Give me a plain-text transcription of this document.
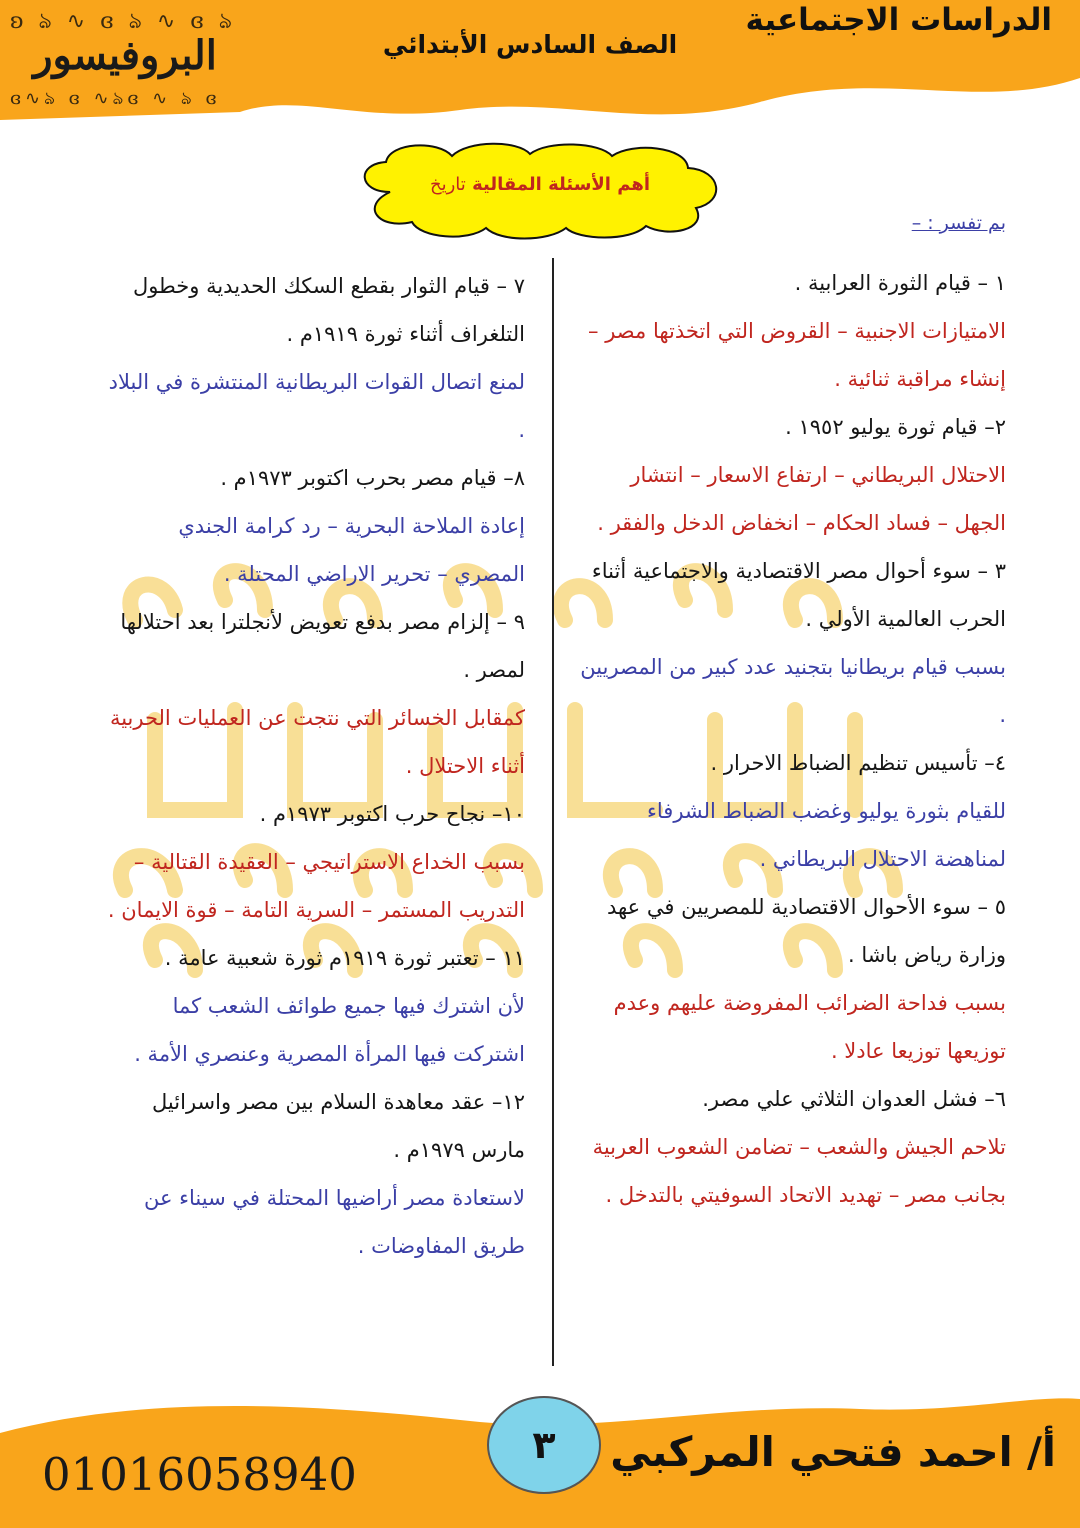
ʚ ঌ ∿ ɞ ঌ ∿ ɞ ঌ
البروفيسور
ɞ∿ঌ ɞ ∿ঌɞ ∿ ঌ ɞ
الدراسات الاجتماعية
الصف السادس الأبتدائي
أهم الأسئلة المقالية تاريخ
بم تفسر : –

١ – قيام الثورة العرابية .

الامتيازات الاجنبية – القروض التي اتخذتها مصر – إنشاء مراقبة ثنائية .

٢– قيام ثورة يوليو ١٩٥٢ .

الاحتلال البريطاني – ارتفاع الاسعار – انتشار الجهل – فساد الحكام – انخفاض الدخل والفقر .

٣ – سوء أحوال مصر الاقتصادية والاجتماعية أثناء الحرب العالمية الأولي .

بسبب قيام بريطانيا بتجنيد عدد كبير من المصريين .

٤– تأسيس تنظيم الضباط الاحرار .

للقيام بثورة يوليو وغضب الضباط الشرفاء لمناهضة الاحتلال البريطاني .

٥ – سوء الأحوال الاقتصادية للمصريين في عهد وزارة رياض باشا .

بسبب فداحة الضرائب المفروضة عليهم وعدم توزيعها توزيعا عادلا .

٦– فشل العدوان الثلاثي علي مصر.

تلاحم الجيش والشعب – تضامن الشعوب العربية بجانب مصر – تهديد الاتحاد السوفيتي بالتدخل .

٧ – قيام الثوار بقطع السكك الحديدية وخطول التلغراف أثناء ثورة ١٩١٩م .

لمنع اتصال القوات البريطانية المنتشرة في البلاد .

٨– قيام مصر بحرب اكتوبر ١٩٧٣م .

إعادة الملاحة البحرية – رد كرامة الجندي المصري – تحرير الاراضي المحتلة .

٩ – إلزام مصر بدفع تعويض لأنجلترا بعد احتلالها لمصر .

كمقابل الخسائر التي نتجت عن العمليات الحربية أثناء الاحتلال .

١٠– نجاح حرب اكتوبر ١٩٧٣م .

بسبب الخداع الاستراتيجي – العقيدة القتالية – التدريب المستمر – السرية التامة – قوة الايمان .

١١ – تعتبر ثورة ١٩١٩م ثورة شعبية عامة .

لأن اشترك فيها جميع طوائف الشعب كما اشتركت فيها المرأة المصرية وعنصري الأمة .

١٢– عقد معاهدة السلام بين مصر واسرائيل مارس ١٩٧٩م .

لاستعادة مصر أراضيها المحتلة في سيناء عن طريق المفاوضات .

٣
01016058940	أ/ احمد فتحي المركبي
